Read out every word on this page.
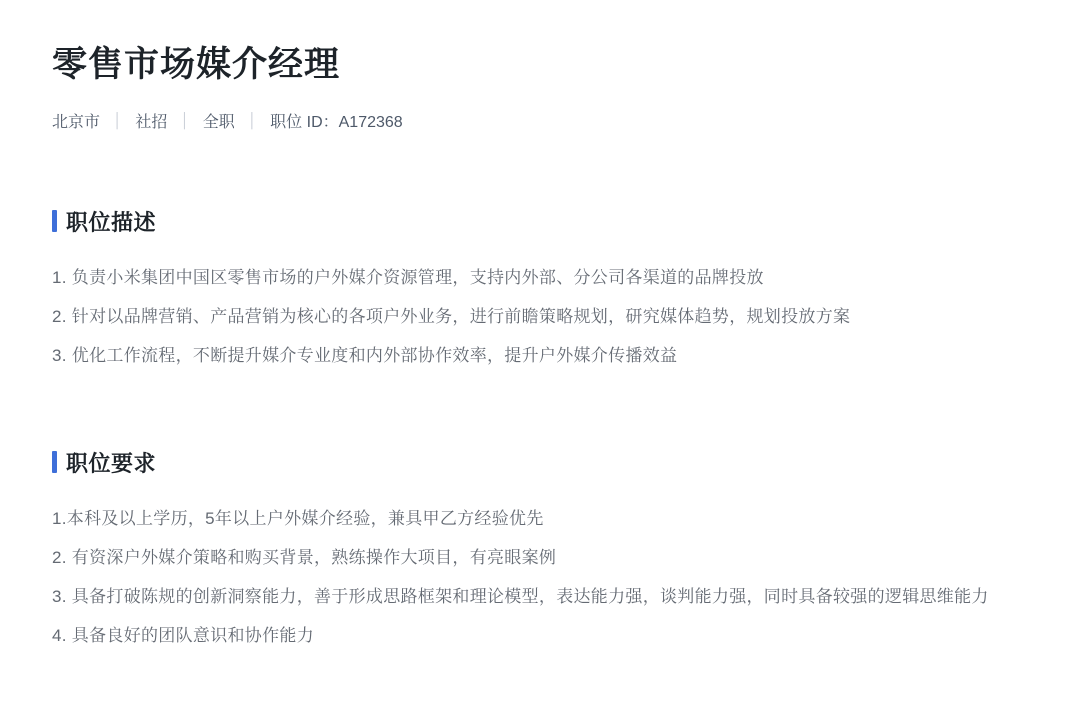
零售市场媒介经理
北京市 │ 社招 │ 全职 │ 职位 ID：A172368
职位描述

1. 负责小米集团中国区零售市场的户外媒介资源管理，支持内外部、分公司各渠道的品牌投放

2. 针对以品牌营销、产品营销为核心的各项户外业务，进行前瞻策略规划，研究媒体趋势，规划投放方案

3. 优化工作流程，不断提升媒介专业度和内外部协作效率，提升户外媒介传播效益

职位要求

1.本科及以上学历，5年以上户外媒介经验，兼具甲乙方经验优先

2. 有资深户外媒介策略和购买背景，熟练操作大项目，有亮眼案例

3. 具备打破陈规的创新洞察能力，善于形成思路框架和理论模型，表达能力强，谈判能力强，同时具备较强的逻辑思维能力

4. 具备良好的团队意识和协作能力
